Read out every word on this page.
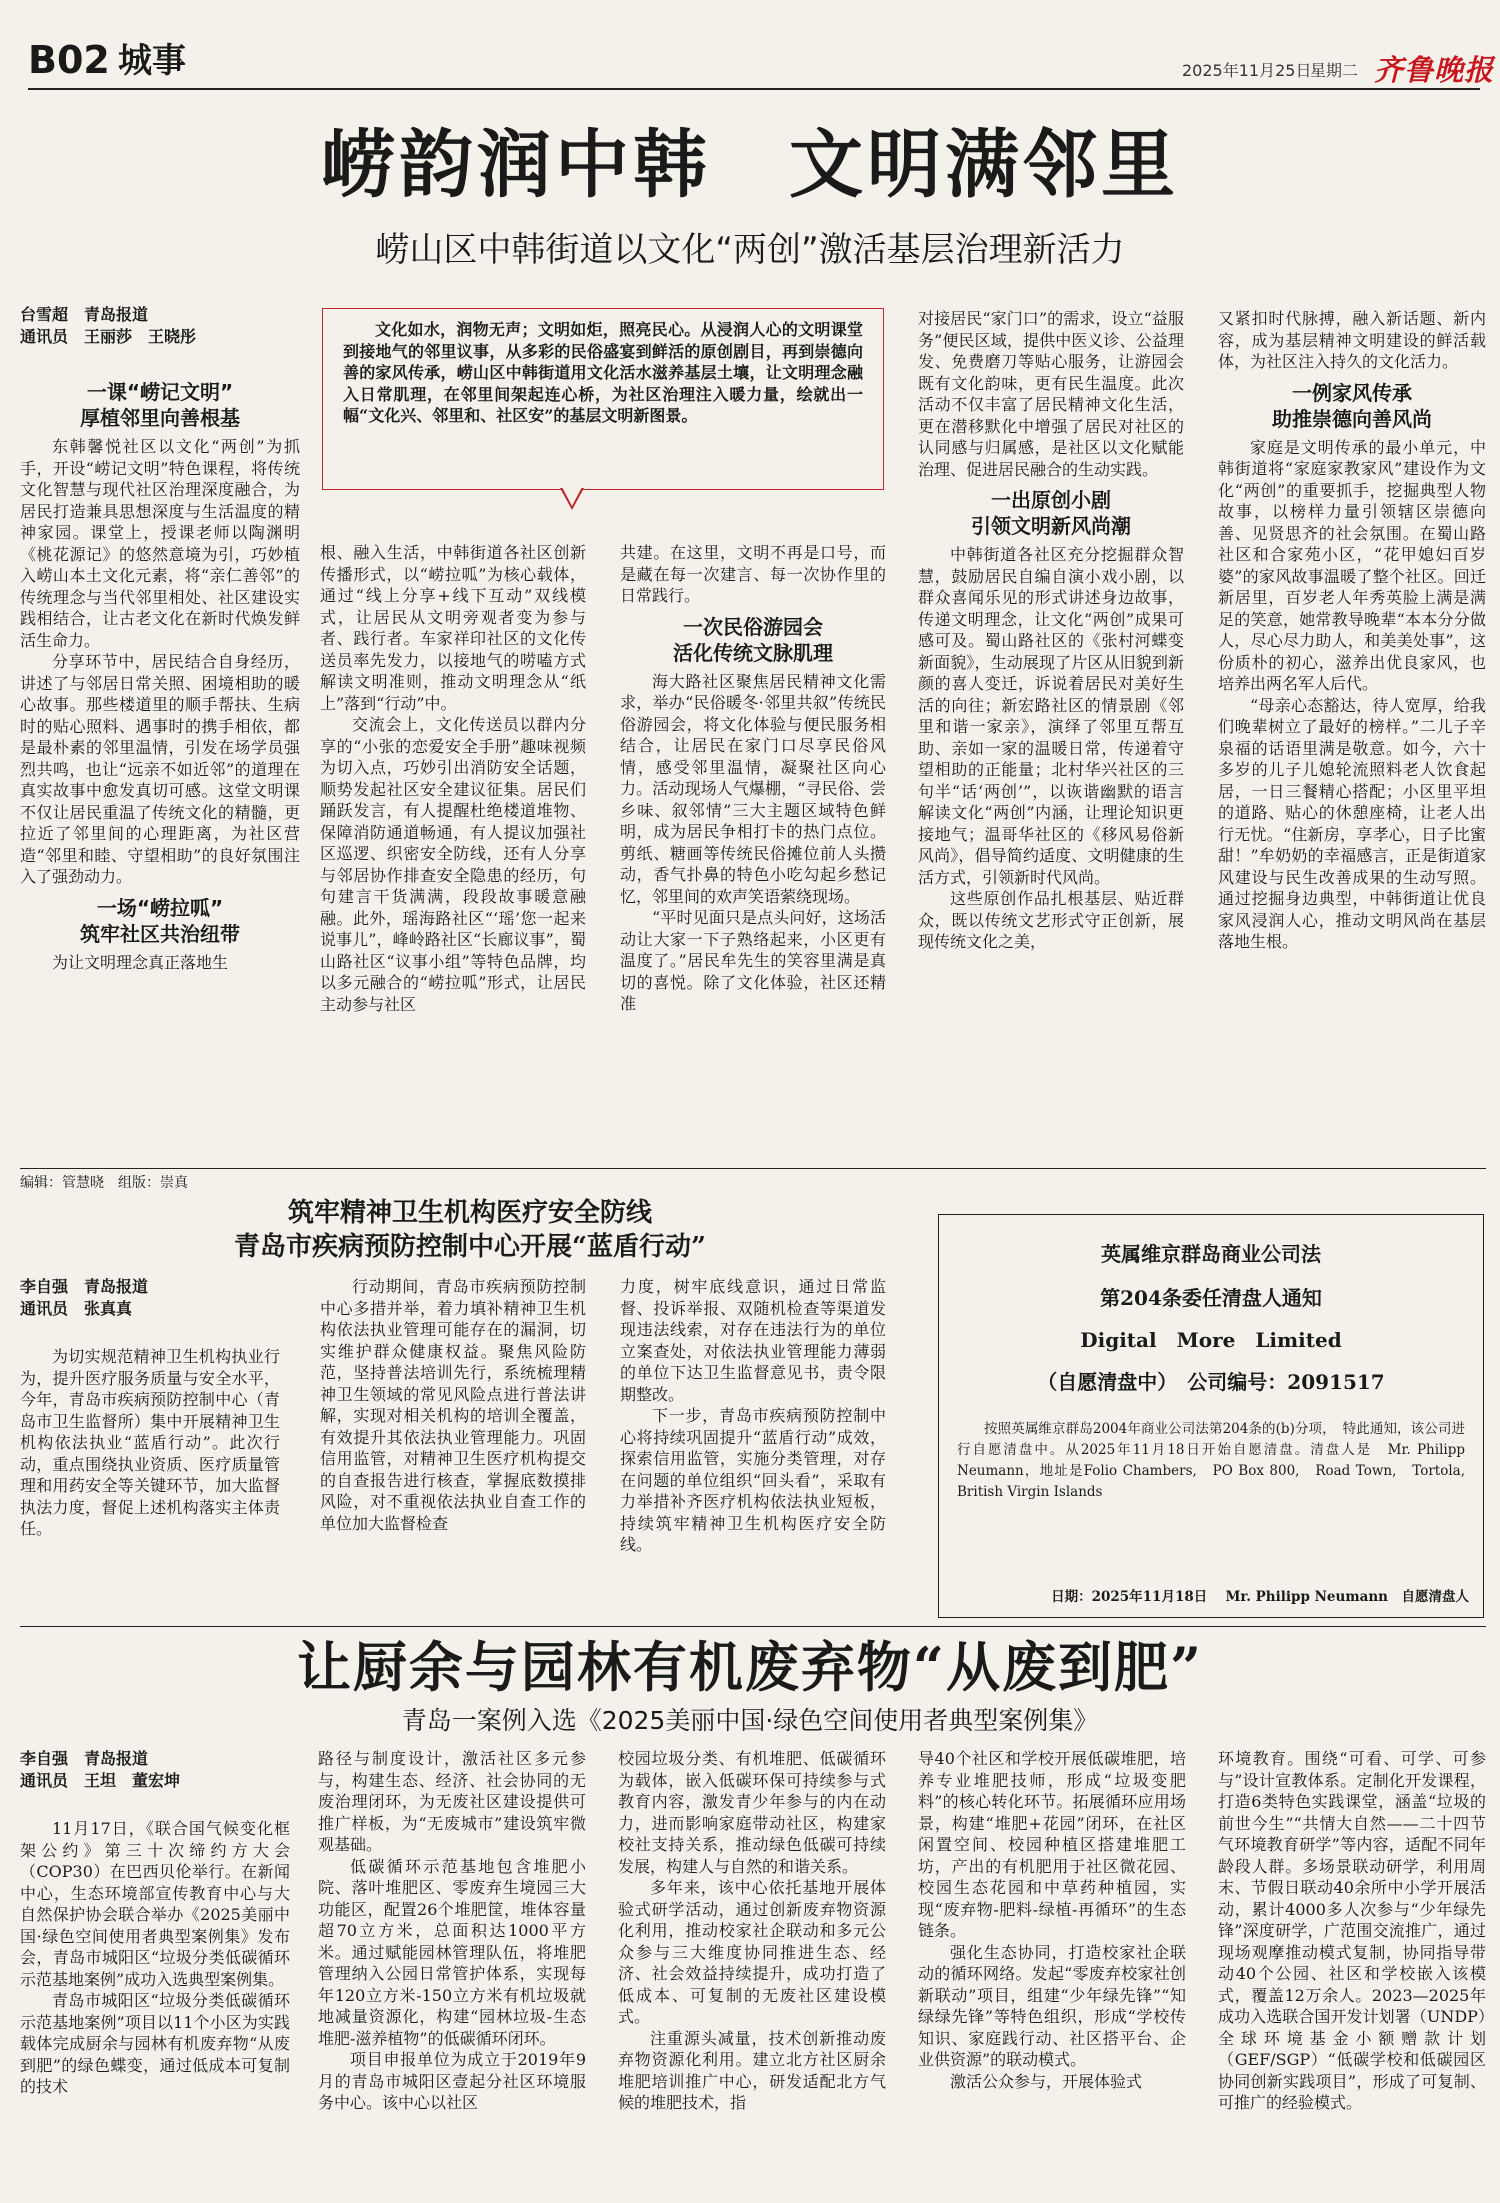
B02 城事	2025年11月25日
星期二 齐鲁晚报
崂韵润中韩　文明满邻里
崂山区中韩街道以文化“两创”激活基层治理新活力
台雪超　青岛报道
通讯员　王丽莎　王晓彤	文化如水，润物无声；文明如炬，照亮民心。从浸润人心的文明课堂到接地气的邻里议事，从多彩的民俗盛宴到鲜活的原创剧目，再到崇德向善的家风传承，崂山区中韩街道用文化活水滋养基层土壤，让文明理念融入日常肌理，在邻里间架起连心桥，为社区治理注入暖力量，绘就出一幅“文化兴、邻里和、社区安”的基层文明新图景。
一课“崂记文明”
厚植邻里向善根基

东韩馨悦社区以文化“两创”为抓手，开设“崂记文明”特色课程，将传统文化智慧与现代社区治理深度融合，为居民打造兼具思想深度与生活温度的精神家园。课堂上，授课老师以陶渊明《桃花源记》的悠然意境为引，巧妙植入崂山本土文化元素，将“亲仁善邻”的传统理念与当代邻里相处、社区建设实践相结合，让古老文化在新时代焕发鲜活生命力。

分享环节中，居民结合自身经历，讲述了与邻居日常关照、困境相助的暖心故事。那些楼道里的顺手帮扶、生病时的贴心照料、遇事时的携手相依，都是最朴素的邻里温情，引发在场学员强烈共鸣，也让“远亲不如近邻”的道理在真实故事中愈发真切可感。这堂文明课不仅让居民重温了传统文化的精髓，更拉近了邻里间的心理距离，为社区营造“邻里和睦、守望相助”的良好氛围注入了强劲动力。

一场“崂拉呱”
筑牢社区共治纽带

为让文明理念真正落地生

根、融入生活，中韩街道各社区创新传播形式，以“崂拉呱”为核心载体，通过“线上分享+线下互动”双线模式，让居民从文明旁观者变为参与者、践行者。车家祥印社区的文化传送员率先发力，以接地气的唠嗑方式解读文明准则，推动文明理念从“纸上”落到“行动”中。

交流会上，文化传送员以群内分享的“小张的恋爱安全手册”趣味视频为切入点，巧妙引出消防安全话题，顺势发起社区安全建议征集。居民们踊跃发言，有人提醒杜绝楼道堆物、保障消防通道畅通，有人提议加强社区巡逻、织密安全防线，还有人分享与邻居协作排查安全隐患的经历，句句建言干货满满，段段故事暖意融融。此外，瑶海路社区“‘瑶’您一起来说事儿”，峰岭路社区“长廊议事”，蜀山路社区“议事小组”等特色品牌，均以多元融合的“崂拉呱”形式，让居民主动参与社区

共建。在这里，文明不再是口号，而是藏在每一次建言、每一次协作里的日常践行。

一次民俗游园会
活化传统文脉肌理

海大路社区聚焦居民精神文化需求，举办“民俗暖冬·邻里共叙”传统民俗游园会，将文化体验与便民服务相结合，让居民在家门口尽享民俗风情，感受邻里温情，凝聚社区向心力。活动现场人气爆棚，“寻民俗、尝乡味、叙邻情”三大主题区域特色鲜明，成为居民争相打卡的热门点位。剪纸、糖画等传统民俗摊位前人头攒动，香气扑鼻的特色小吃勾起乡愁记忆，邻里间的欢声笑语萦绕现场。

“平时见面只是点头问好，这场活动让大家一下子熟络起来，小区更有温度了。”居民牟先生的笑容里满是真切的喜悦。除了文化体验，社区还精准

对接居民“家门口”的需求，设立“益服务”便民区域，提供中医义诊、公益理发、免费磨刀等贴心服务，让游园会既有文化韵味，更有民生温度。此次活动不仅丰富了居民精神文化生活，更在潜移默化中增强了居民对社区的认同感与归属感，是社区以文化赋能治理、促进居民融合的生动实践。

一出原创小剧
引领文明新风尚潮

中韩街道各社区充分挖掘群众智慧，鼓励居民自编自演小戏小剧，以群众喜闻乐见的形式讲述身边故事，传递文明理念，让文化“两创”成果可感可及。蜀山路社区的《张村河蝶变新面貌》，生动展现了片区从旧貌到新颜的喜人变迁，诉说着居民对美好生活的向往；新宏路社区的情景剧《邻里和谐一家亲》，演绎了邻里互帮互助、亲如一家的温暖日常，传递着守望相助的正能量；北村华兴社区的三句半“话‘两创’”，以诙谐幽默的语言解读文化“两创”内涵，让理论知识更接地气；温哥华社区的《移风易俗新风尚》，倡导简约适度、文明健康的生活方式，引领新时代风尚。

这些原创作品扎根基层、贴近群众，既以传统文艺形式守正创新，展现传统文化之美，

又紧扣时代脉搏，融入新话题、新内容，成为基层精神文明建设的鲜活载体，为社区注入持久的文化活力。

一例家风传承
助推崇德向善风尚

家庭是文明传承的最小单元，中韩街道将“家庭家教家风”建设作为文化“两创”的重要抓手，挖掘典型人物故事，以榜样力量引领辖区崇德向善、见贤思齐的社会氛围。在蜀山路社区和合家苑小区，“花甲媳妇百岁婆”的家风故事温暖了整个社区。回迁新居里，百岁老人年秀英脸上满是满足的笑意，她常教导晚辈“本本分分做人，尽心尽力助人，和美美处事”，这份质朴的初心，滋养出优良家风，也培养出两名军人后代。

“母亲心态豁达，待人宽厚，给我们晚辈树立了最好的榜样。”二儿子辛泉福的话语里满是敬意。如今，六十多岁的儿子儿媳轮流照料老人饮食起居，一日三餐精心搭配；小区里平坦的道路、贴心的休憩座椅，让老人出行无忧。“住新房，享孝心，日子比蜜甜！”牟奶奶的幸福感言，正是街道家风建设与民生改善成果的生动写照。通过挖掘身边典型，中韩街道让优良家风浸润人心，推动文明风尚在基层落地生根。

编辑：管慧晓　组版：崇真
筑牢精神卫生机构医疗安全防线
青岛市疾病预防控制中心开展“蓝盾行动”
李自强　青岛报道
通讯员　张真真

为切实规范精神卫生机构执业行为，提升医疗服务质量与安全水平，今年，青岛市疾病预防控制中心（青岛市卫生监督所）集中开展精神卫生机构依法执业“蓝盾行动”。此次行动，重点围绕执业资质、医疗质量管理和用药安全等关键环节，加大监督执法力度，督促上述机构落实主体责任。

行动期间，青岛市疾病预防控制中心多措并举，着力填补精神卫生机构依法执业管理可能存在的漏洞，切实维护群众健康权益。聚焦风险防范，坚持普法培训先行，系统梳理精神卫生领域的常见风险点进行普法讲解，实现对相关机构的培训全覆盖，有效提升其依法执业管理能力。巩固信用监管，对精神卫生医疗机构提交的自查报告进行核查，掌握底数摸排风险，对不重视依法执业自查工作的单位加大监督检查

力度，树牢底线意识，通过日常监督、投诉举报、双随机检查等渠道发现违法线索，对存在违法行为的单位立案查处，对依法执业管理能力薄弱的单位下达卫生监督意见书，责令限期整改。

下一步，青岛市疾病预防控制中心将持续巩固提升“蓝盾行动”成效，探索信用监管，实施分类管理，对存在问题的单位组织“回头看”，采取有力举措补齐医疗机构依法执业短板，持续筑牢精神卫生机构医疗安全防线。

英属维京群岛商业公司法
第204条委任清盘人通知
Digital　More　Limited
（自愿清盘中）　公司编号：2091517
按照英属维京群岛2004年商业公司法第204条的(b)分项，　特此通知，该公司进行自愿清盘中。从2025年11月18日开始自愿清盘。清盘人是　Mr. Philipp Neumann，地址是Folio Chambers,　PO Box 800,　Road Town,　Tortola,　British Virgin Islands
日期：2025年11月18日　 Mr. Philipp Neumann　自愿清盘人
让厨余与园林有机废弃物“从废到肥”
青岛一案例入选《2025美丽中国·绿色空间使用者典型案例集》
李自强　青岛报道
通讯员　王坦　董宏坤

11月17日，《联合国气候变化框架公约》第三十次缔约方大会（COP30）在巴西贝伦举行。在新闻中心，生态环境部宣传教育中心与大自然保护协会联合举办《2025美丽中国·绿色空间使用者典型案例集》发布会，青岛市城阳区“垃圾分类低碳循环示范基地案例”成功入选典型案例集。

青岛市城阳区“垃圾分类低碳循环示范基地案例”项目以11个小区为实践载体完成厨余与园林有机废弃物“从废到肥”的绿色蝶变，通过低成本可复制的技术

路径与制度设计，激活社区多元参与，构建生态、经济、社会协同的无废治理闭环，为无废社区建设提供可推广样板，为“无废城市”建设筑牢微观基础。

低碳循环示范基地包含堆肥小院、落叶堆肥区、零废弃生境园三大功能区，配置26个堆肥筐，堆体容量超70立方米，总面积达1000平方米。通过赋能园林管理队伍，将堆肥管理纳入公园日常管护体系，实现每年120立方米-150立方米有机垃圾就地减量资源化，构建“园林垃圾-生态堆肥-滋养植物”的低碳循环闭环。

项目申报单位为成立于2019年9月的青岛市城阳区壹起分社区环境服务中心。该中心以社区

校园垃圾分类、有机堆肥、低碳循环为载体，嵌入低碳环保可持续参与式教育内容，激发青少年参与的内在动力，进而影响家庭带动社区，构建家校社支持关系，推动绿色低碳可持续发展，构建人与自然的和谐关系。

多年来，该中心依托基地开展体验式研学活动，通过创新废弃物资源化利用，推动校家社企联动和多元公众参与三大维度协同推进生态、经济、社会效益持续提升，成功打造了低成本、可复制的无废社区建设模式。

注重源头减量，技术创新推动废弃物资源化利用。建立北方社区厨余堆肥培训推广中心，研发适配北方气候的堆肥技术，指

导40个社区和学校开展低碳堆肥，培养专业堆肥技师，形成“垃圾变肥料”的核心转化环节。拓展循环应用场景，构建“堆肥+花园”闭环，在社区闲置空间、校园种植区搭建堆肥工坊，产出的有机肥用于社区微花园、校园生态花园和中草药种植园，实现“废弃物-肥料-绿植-再循环”的生态链条。

强化生态协同，打造校家社企联动的循环网络。发起“零废弃校家社创新联动”项目，组建“少年绿先锋”“知绿绿先锋”等特色组织，形成“学校传知识、家庭践行动、社区搭平台、企业供资源”的联动模式。

激活公众参与，开展体验式

环境教育。围绕“可看、可学、可参与”设计宣教体系。定制化开发课程，打造6类特色实践课堂，涵盖“垃圾的前世今生”“共情大自然——二十四节气环境教育研学”等内容，适配不同年龄段人群。多场景联动研学，利用周末、节假日联动40余所中小学开展活动，累计4000多人次参与“少年绿先锋”深度研学，广范围交流推广，通过现场观摩推动模式复制，协同指导带动40个公园、社区和学校嵌入该模式，覆盖12万余人。2023—2025年成功入选联合国开发计划署（UNDP）全球环境基金小额赠款计划（GEF/SGP）“低碳学校和低碳园区协同创新实践项目”，形成了可复制、可推广的经验模式。
